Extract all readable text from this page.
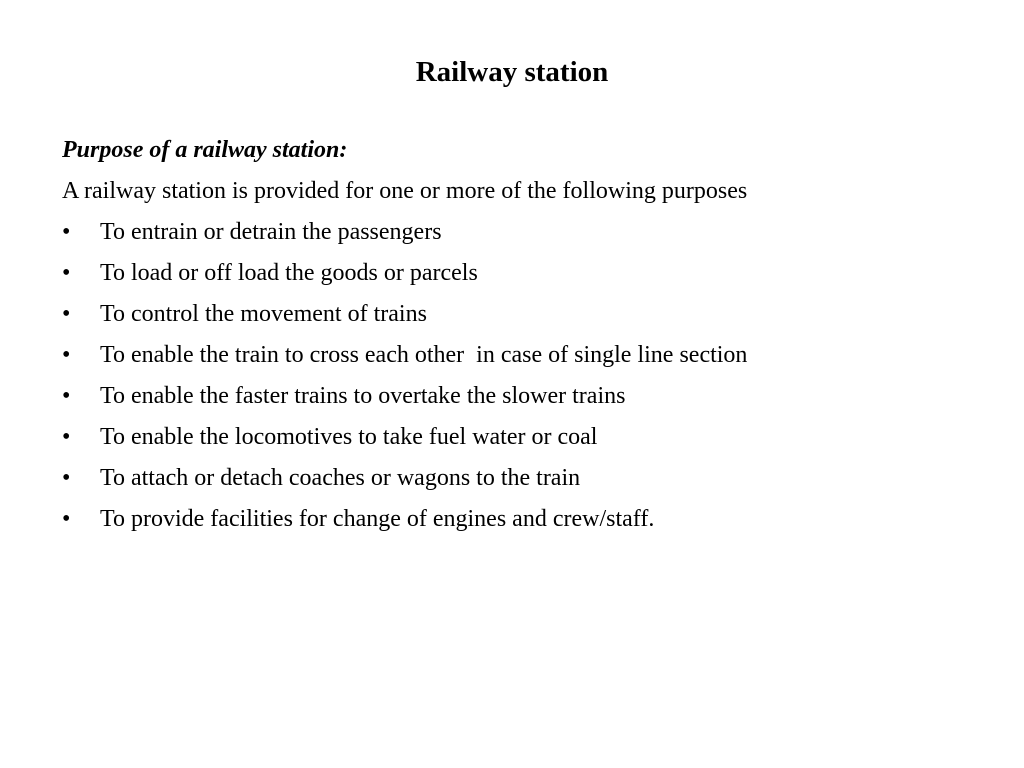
Railway station

Purpose of a railway station:

A railway station is provided for one or more of the following purposes

•	To entrain or detrain the passengers
•	To load or off load the goods or parcels
•	To control the movement of trains
•	To enable the train to cross each other  in case of single line section
•	To enable the faster trains to overtake the slower trains
•	To enable the locomotives to take fuel water or coal
•	To attach or detach coaches or wagons to the train
•	To provide facilities for change of engines and crew/staff.
